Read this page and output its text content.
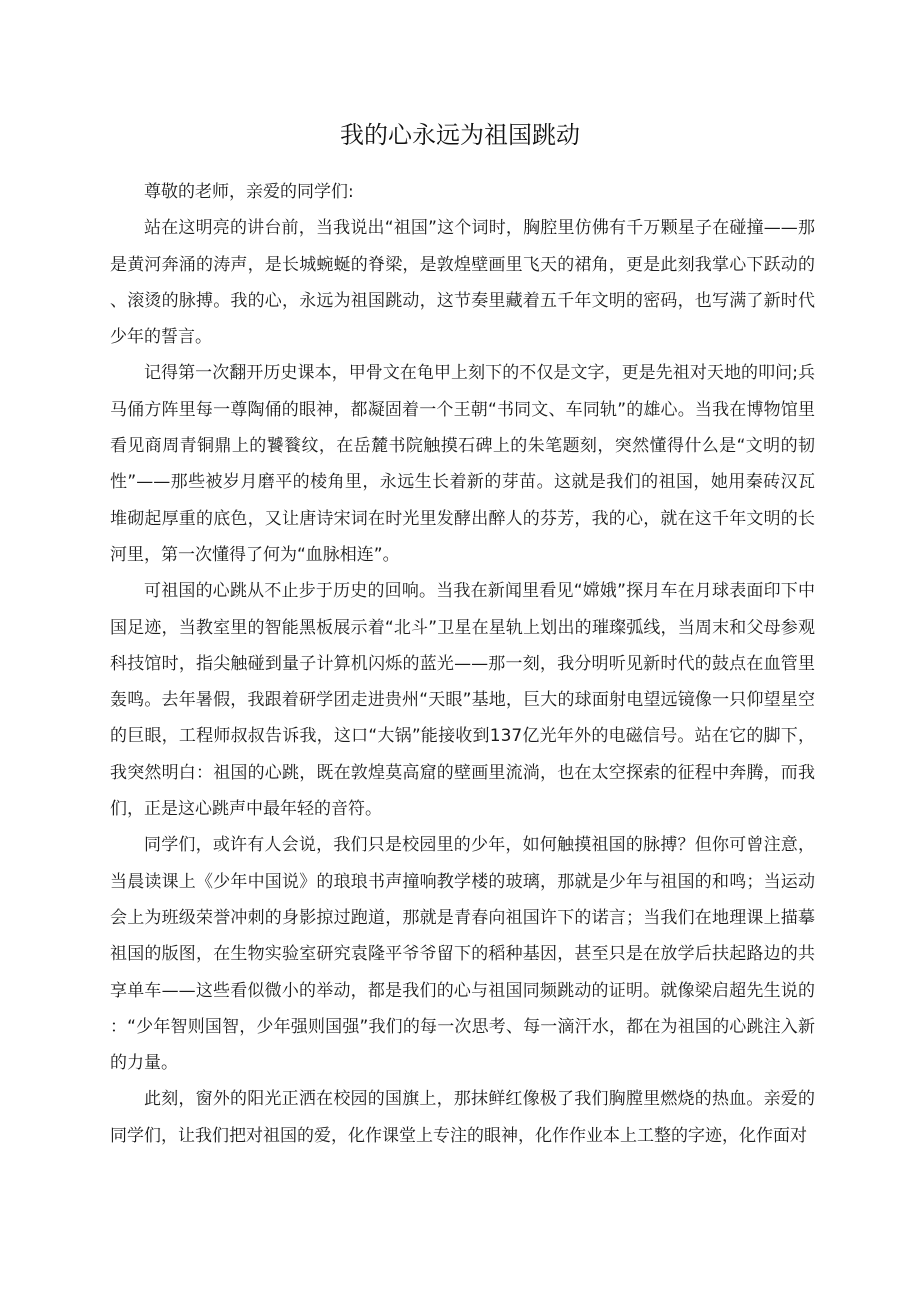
我的心永远为祖国跳动

尊敬的老师，亲爱的同学们:

站在这明亮的讲台前，当我说出“祖国”这个词时，胸腔里仿佛有千万颗星子在碰撞——那是黄河奔涌的涛声，是长城蜿蜒的脊梁，是敦煌壁画里飞天的裙角，更是此刻我掌心下跃动的、滚烫的脉搏。我的心，永远为祖国跳动，这节奏里藏着五千年文明的密码，也写满了新时代少年的誓言。

记得第一次翻开历史课本，甲骨文在龟甲上刻下的不仅是文字，更是先祖对天地的叩问;兵马俑方阵里每一尊陶俑的眼神，都凝固着一个王朝“书同文、车同轨”的雄心。当我在博物馆里看见商周青铜鼎上的饕餮纹，在岳麓书院触摸石碑上的朱笔题刻，突然懂得什么是“文明的韧性”——那些被岁月磨平的棱角里，永远生长着新的芽苗。这就是我们的祖国，她用秦砖汉瓦堆砌起厚重的底色，又让唐诗宋词在时光里发酵出醉人的芬芳，我的心，就在这千年文明的长河里，第一次懂得了何为“血脉相连”。

可祖国的心跳从不止步于历史的回响。当我在新闻里看见“嫦娥”探月车在月球表面印下中国足迹，当教室里的智能黑板展示着“北斗”卫星在星轨上划出的璀璨弧线，当周末和父母参观科技馆时，指尖触碰到量子计算机闪烁的蓝光——那一刻，我分明听见新时代的鼓点在血管里轰鸣。去年暑假，我跟着研学团走进贵州“天眼”基地，巨大的球面射电望远镜像一只仰望星空的巨眼，工程师叔叔告诉我，这口“大锅”能接收到137亿光年外的电磁信号。站在它的脚下，我突然明白：祖国的心跳，既在敦煌莫高窟的壁画里流淌，也在太空探索的征程中奔腾，而我们，正是这心跳声中最年轻的音符。

同学们，或许有人会说，我们只是校园里的少年，如何触摸祖国的脉搏？但你可曾注意，当晨读课上《少年中国说》的琅琅书声撞响教学楼的玻璃，那就是少年与祖国的和鸣；当运动会上为班级荣誉冲刺的身影掠过跑道，那就是青春向祖国许下的诺言；当我们在地理课上描摹祖国的版图，在生物实验室研究袁隆平爷爷留下的稻种基因，甚至只是在放学后扶起路边的共享单车——这些看似微小的举动，都是我们的心与祖国同频跳动的证明。就像梁启超先生说的：“少年智则国智，少年强则国强”我们的每一次思考、每一滴汗水，都在为祖国的心跳注入新的力量。

此刻，窗外的阳光正洒在校园的国旗上，那抹鲜红像极了我们胸膛里燃烧的热血。亲爱的同学们，让我们把对祖国的爱，化作课堂上专注的眼神，化作作业本上工整的字迹，化作面对
